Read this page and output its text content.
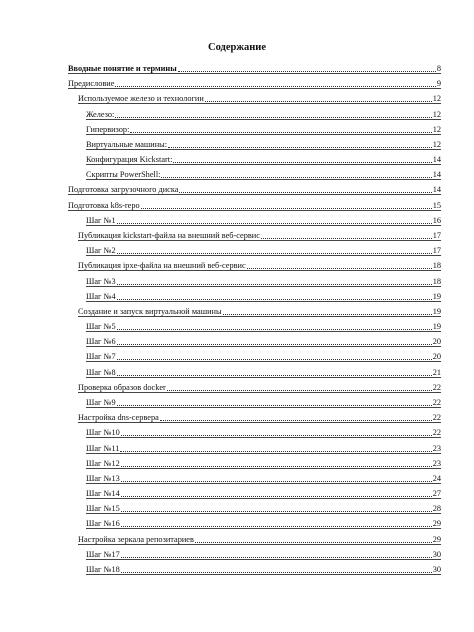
Содержание
Вводные понятие и термины	8
Предисловие	9
Используемое железо и технологии	12
Железо:	12
Гипервизор:	12
Виртуальные машины:	12
Конфигурация Kickstart:	14
Скрипты PowerShell:	14
Подготовка загрузочного диска	14
Подготовка k8s-repo	15
Шаг №1	16
Публикация kickstart-файла на внешний веб-сервис	17
Шаг №2	17
Публикация ipxe-файла на внешний веб-сервис	18
Шаг №3	18
Шаг №4	19
Создание и запуск виртуальной машины	19
Шаг №5	19
Шаг №6	20
Шаг №7	20
Шаг №8	21
Проверка образов docker	22
Шаг №9	22
Настройка dns-сервера	22
Шаг №10	22
Шаг №11	23
Шаг №12	23
Шаг №13	24
Шаг №14	27
Шаг №15	28
Шаг №16	29
Настройка зеркала репозитариев	29
Шаг №17	30
Шаг №18	30
